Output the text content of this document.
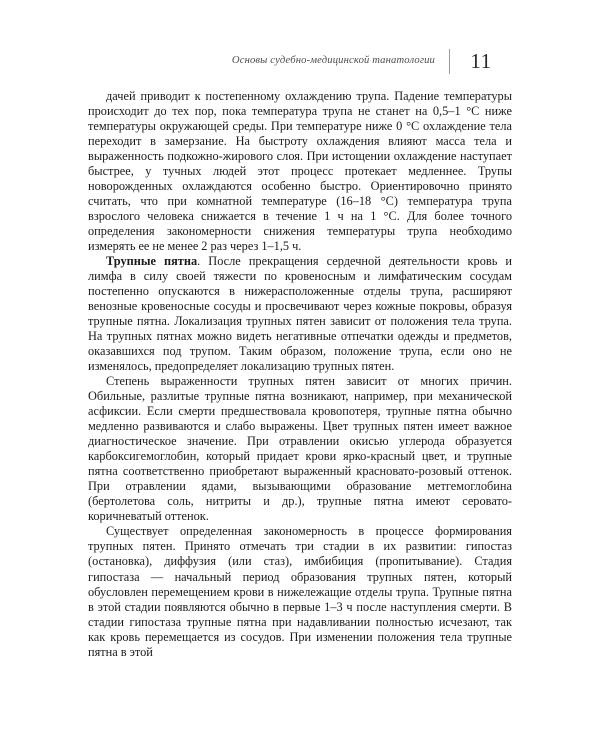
Основы судебно-медицинской танатологии	11

дачей приводит к постепенному охлаждению трупа. Падение температуры происходит до тех пор, пока температура трупа не станет на 0,5–1 °С ниже температуры окружающей среды. При температуре ниже 0 °С охлаждение тела переходит в замерзание. На быстроту охлаждения влияют масса тела и выраженность подкожно-жирового слоя. При истощении охлаждение наступает быстрее, у тучных людей этот процесс протекает медленнее. Трупы новорожденных охлаждаются особенно быстро. Ориентировочно принято считать, что при комнатной температуре (16–18 °С) температура трупа взрослого человека снижается в течение 1 ч на 1 °С. Для более точного определения закономерности снижения температуры трупа необходимо измерять ее не менее 2 раз через 1–1,5 ч.

Трупные пятна. После прекращения сердечной деятельности кровь и лимфа в силу своей тяжести по кровеносным и лимфатическим сосудам постепенно опускаются в нижерасположенные отделы трупа, расширяют венозные кровеносные сосуды и просвечивают через кожные покровы, образуя трупные пятна. Локализация трупных пятен зависит от положения тела трупа. На трупных пятнах можно видеть негативные отпечатки одежды и предметов, оказавшихся под трупом. Таким образом, положение трупа, если оно не изменялось, предопределяет локализацию трупных пятен.

Степень выраженности трупных пятен зависит от многих причин. Обильные, разлитые трупные пятна возникают, например, при механической асфиксии. Если смерти предшествовала кровопотеря, трупные пятна обычно медленно развиваются и слабо выражены. Цвет трупных пятен имеет важное диагностическое значение. При отравлении окисью углерода образуется карбоксигемоглобин, который придает крови ярко-красный цвет, и трупные пятна соответственно приобретают выраженный красновато-розовый оттенок. При отравлении ядами, вызывающими образование метгемоглобина (бертолетова соль, нитриты и др.), трупные пятна имеют серовато-коричневатый оттенок.

Существует определенная закономерность в процессе формирования трупных пятен. Принято отмечать три стадии в их развитии: гипостаз (остановка), диффузия (или стаз), имбибиция (пропитывание). Стадия гипостаза — начальный период образования трупных пятен, который обусловлен перемещением крови в нижележащие отделы трупа. Трупные пятна в этой стадии появляются обычно в первые 1–3 ч после наступления смерти. В стадии гипостаза трупные пятна при надавливании полностью исчезают, так как кровь перемещается из сосудов. При изменении положения тела трупные пятна в этой
